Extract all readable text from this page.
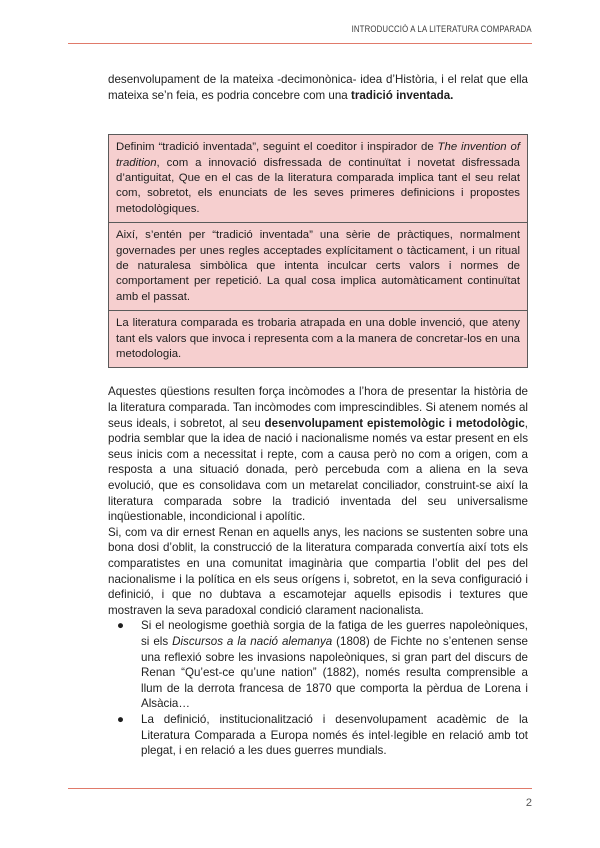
INTRODUCCIÓ A LA LITERATURA COMPARADA

desenvolupament de la mateixa -decimonònica- idea d’Història, i el relat que ella mateixa se’n feia, es podria concebre com una tradició inventada.

Definim “tradició inventada”, seguint el coeditor i inspirador de The invention of tradition, com a innovació disfressada de continuïtat i novetat disfressada d’antiguitat, Que en el cas de la literatura comparada implica tant el seu relat com, sobretot, els enunciats de les seves primeres definicions i propostes metodològiques.
Així, s’entén per “tradició inventada” una sèrie de pràctiques, normalment governades per unes regles acceptades explícitament o tàcticament, i un ritual de naturalesa simbòlica que intenta inculcar certs valors i normes de comportament per repetició. La qual cosa implica automàticament continuïtat amb el passat.
La literatura comparada es trobaria atrapada en una doble invenció, que ateny tant els valors que invoca i representa com a la manera de concretar-los en una metodologia.

Aquestes qüestions resulten força incòmodes a l’hora de presentar la història de la literatura comparada. Tan incòmodes com imprescindibles. Si atenem només al seus ideals, i sobretot, al seu desenvolupament epistemològic i metodològic, podria semblar que la idea de nació i nacionalisme només va estar present en els seus inicis com a necessitat i repte, com a causa però no com a origen, com a resposta a una situació donada, però percebuda com a aliena en la seva evolució, que es consolidava com un metarelat conciliador, construint-se així la literatura comparada sobre la tradició inventada del seu universalisme inqüestionable, incondicional i apolític.

Si, com va dir ernest Renan en aquells anys, les nacions se sustenten sobre una bona dosi d’oblit, la construcció de la literatura comparada convertía així tots els comparatistes en una comunitat imaginària que compartia l’oblit del pes del nacionalisme i la política en els seus orígens i, sobretot, en la seva configuració i definició, i que no dubtava a escamotejar aquells episodis i textures que mostraven la seva paradoxal condició clarament nacionalista.

● Si el neologisme goethià sorgia de la fatiga de les guerres napoleòniques, si els Discursos a la nació alemanya (1808) de Fichte no s’entenen sense una reflexió sobre les invasions napoleòniques, si gran part del discurs de Renan “Qu’est-ce qu’une nation” (1882), només resulta comprensible a llum de la derrota francesa de 1870 que comporta la pèrdua de Lorena i Alsàcia…
● La definició, institucionalització i desenvolupament acadèmic de la Literatura Comparada a Europa només és intel·legible en relació amb tot plegat, i en relació a les dues guerres mundials.
2
